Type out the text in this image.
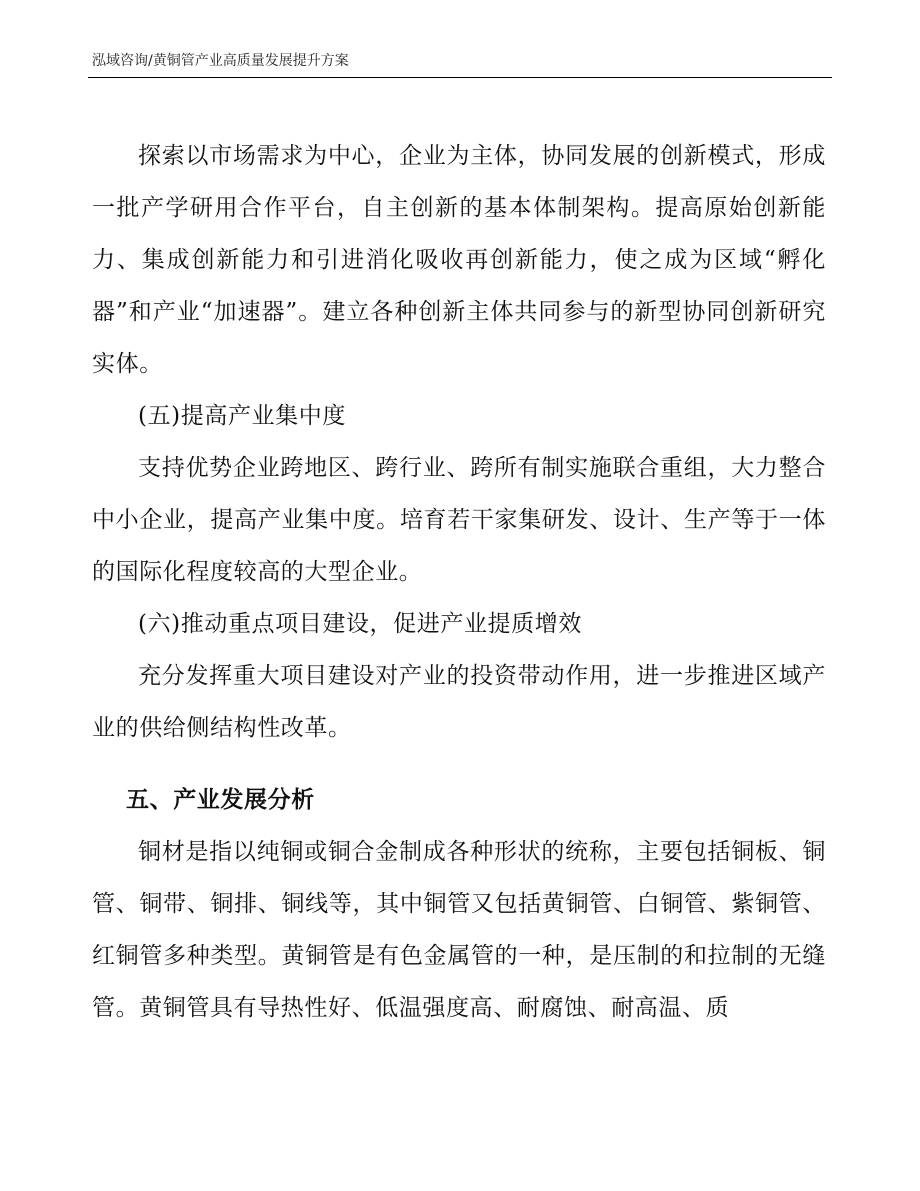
泓域咨询/黄铜管产业高质量发展提升方案

探索以市场需求为中心，企业为主体，协同发展的创新模式，形成一批产学研用合作平台，自主创新的基本体制架构。提高原始创新能力、集成创新能力和引进消化吸收再创新能力，使之成为区域“孵化器”和产业“加速器”。建立各种创新主体共同参与的新型协同创新研究实体。

(五)提高产业集中度

支持优势企业跨地区、跨行业、跨所有制实施联合重组，大力整合中小企业，提高产业集中度。培育若干家集研发、设计、生产等于一体的国际化程度较高的大型企业。

(六)推动重点项目建设，促进产业提质增效

充分发挥重大项目建设对产业的投资带动作用，进一步推进区域产业的供给侧结构性改革。

五、产业发展分析

铜材是指以纯铜或铜合金制成各种形状的统称，主要包括铜板、铜管、铜带、铜排、铜线等，其中铜管又包括黄铜管、白铜管、紫铜管、红铜管多种类型。黄铜管是有色金属管的一种，是压制的和拉制的无缝管。黄铜管具有导热性好、低温强度高、耐腐蚀、耐高温、质
